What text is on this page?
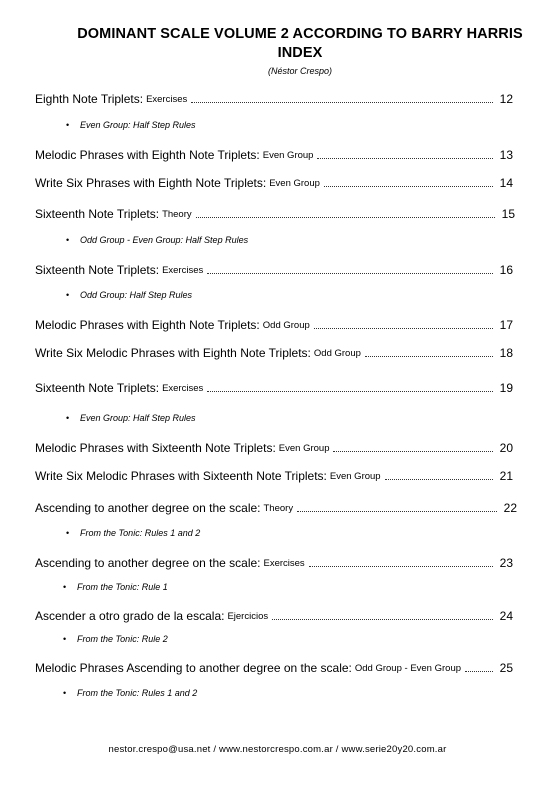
DOMINANT SCALE VOLUME 2 ACCORDING TO BARRY HARRIS
INDEX
(Néstor Crespo)
Eighth Note Triplets: Exercises	12
Melodic Phrases with Eighth Note Triplets: Even Group	13
Write Six Phrases with Eighth Note Triplets: Even Group	14
Sixteenth Note Triplets: Theory	15
Sixteenth Note Triplets: Exercises	16
Melodic Phrases with Eighth Note Triplets: Odd Group	17
Write Six Melodic Phrases with Eighth Note Triplets: Odd Group	18
Sixteenth Note Triplets: Exercises	19
Melodic Phrases with Sixteenth Note Triplets: Even Group	20
Write Six Melodic Phrases with Sixteenth Note Triplets: Even Group	21
Ascending to another degree on the scale: Theory	22
Ascending to another degree on the scale: Exercises	23
Ascender a otro grado de la escala: Ejercicios	24
Melodic Phrases Ascending to another degree on the scale: Odd Group - Even Group	25
• Even Group: Half Step Rules
• Odd Group - Even Group: Half Step Rules
• Odd Group: Half Step Rules
• Even Group: Half Step Rules
• From the Tonic: Rules 1 and 2
• From the Tonic: Rule 1
• From the Tonic: Rule 2
• From the Tonic: Rules 1 and 2
nestor.crespo@usa.net / www.nestorcrespo.com.ar / www.serie20y20.com.ar
